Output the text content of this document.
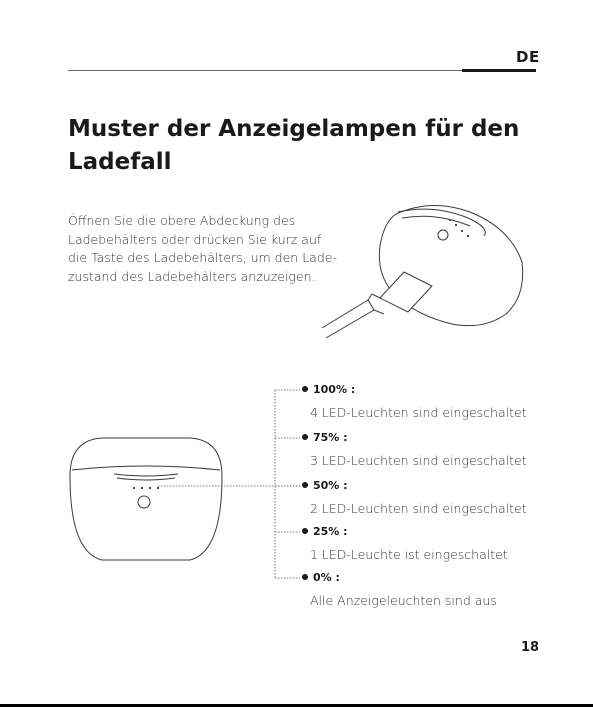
DE
Muster der Anzeigelampen für den Ladefall
Öffnen Sie die obere Abdeckung des
Ladebehälters oder drücken Sie kurz auf
die Taste des Ladebehälters, um den Lade-
zustand des Ladebehälters anzuzeigen.
100% :
4 LED-Leuchten sind eingeschaltet
75% :
3 LED-Leuchten sind eingeschaltet
50% :
2 LED-Leuchten sind eingeschaltet
25% :
1 LED-Leuchte ist eingeschaltet
0% :
Alle Anzeigeleuchten sind aus
18
